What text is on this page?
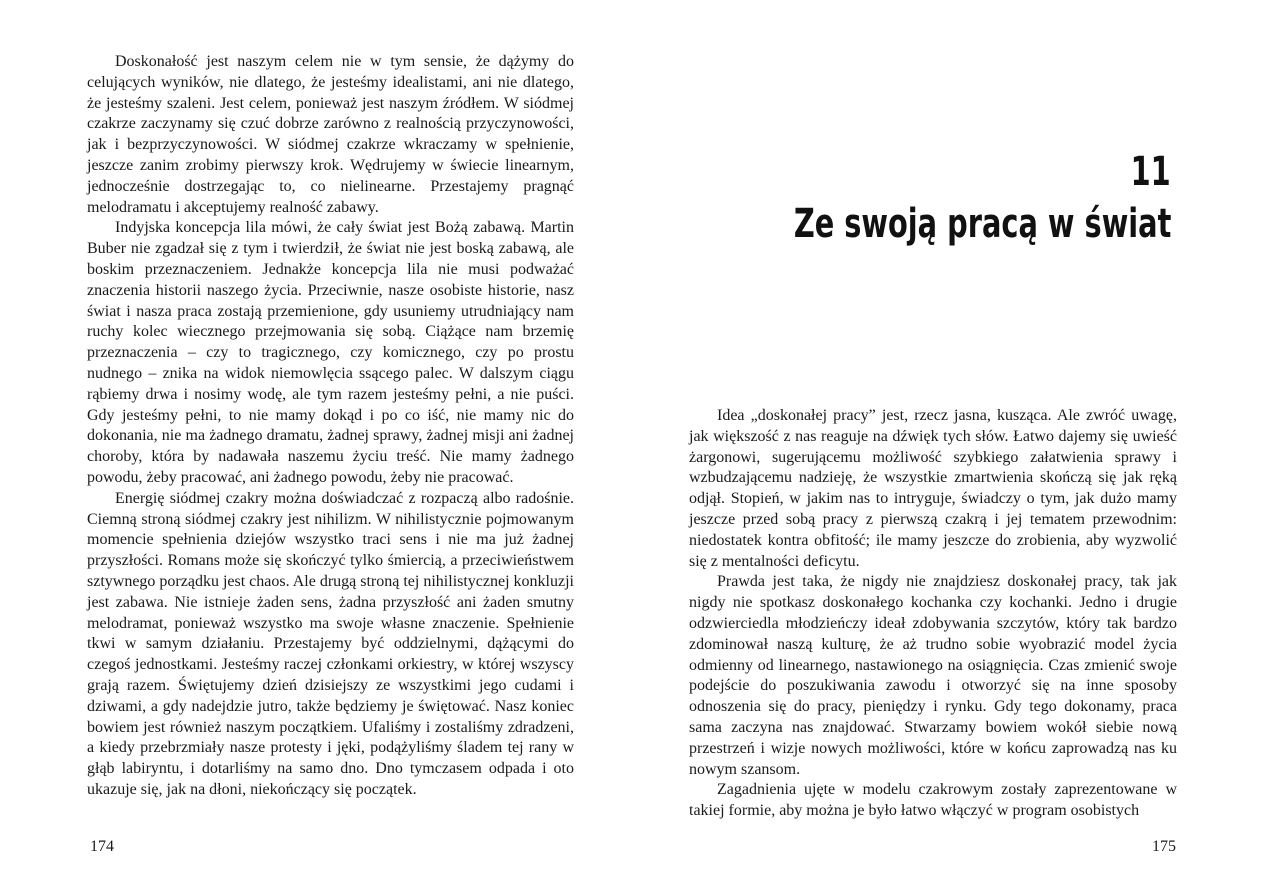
Doskonałość jest naszym celem nie w tym sensie, że dążymy do celujących wyników, nie dlatego, że jesteśmy idealistami, ani nie dlatego, że jesteśmy szaleni. Jest celem, ponieważ jest naszym źródłem. W siódmej czakrze zaczynamy się czuć dobrze zarówno z realnością przyczynowości, jak i bezprzyczynowości. W siódmej czakrze wkraczamy w spełnienie, jeszcze zanim zrobimy pierwszy krok. Wędrujemy w świecie linearnym, jednocześnie dostrzegając to, co nielinearne. Przestajemy pragnąć melodramatu i akceptujemy realność zabawy.

Indyjska koncepcja lila mówi, że cały świat jest Bożą zabawą. Martin Buber nie zgadzał się z tym i twierdził, że świat nie jest boską zabawą, ale boskim przeznaczeniem. Jednakże koncepcja lila nie musi podważać znaczenia historii naszego życia. Przeciwnie, nasze osobiste historie, nasz świat i nasza praca zostają przemienione, gdy usuniemy utrudniający nam ruchy kolec wiecznego przejmowania się sobą. Ciążące nam brzemię przeznaczenia – czy to tragicznego, czy komicznego, czy po prostu nudnego – znika na widok niemowlęcia ssącego palec. W dalszym ciągu rąbiemy drwa i nosimy wodę, ale tym razem jesteśmy pełni, a nie puści. Gdy jesteśmy pełni, to nie mamy dokąd i po co iść, nie mamy nic do dokonania, nie ma żadnego dramatu, żadnej sprawy, żadnej misji ani żadnej choroby, która by nadawała naszemu życiu treść. Nie mamy żadnego powodu, żeby pracować, ani żadnego powodu, żeby nie pracować.

Energię siódmej czakry można doświadczać z rozpaczą albo radośnie. Ciemną stroną siódmej czakry jest nihilizm. W nihilistycznie pojmowanym momencie spełnienia dziejów wszystko traci sens i nie ma już żadnej przyszłości. Romans może się skończyć tylko śmiercią, a przeciwieństwem sztywnego porządku jest chaos. Ale drugą stroną tej nihilistycznej konkluzji jest zabawa. Nie istnieje żaden sens, żadna przyszłość ani żaden smutny melodramat, ponieważ wszystko ma swoje własne znaczenie. Spełnienie tkwi w samym działaniu. Przestajemy być oddzielnymi, dążącymi do czegoś jednostkami. Jesteśmy raczej członkami orkiestry, w której wszyscy grają razem. Świętujemy dzień dzisiejszy ze wszystkimi jego cudami i dziwami, a gdy nadejdzie jutro, także będziemy je świętować. Nasz koniec bowiem jest również naszym początkiem. Ufaliśmy i zostaliśmy zdradzeni, a kiedy przebrzmiały nasze protesty i jęki, podążyliśmy śladem tej rany w głąb labiryntu, i dotarliśmy na samo dno. Dno tymczasem odpada i oto ukazuje się, jak na dłoni, niekończący się początek.

174
11
Ze swoją pracą w świat

Idea „doskonałej pracy” jest, rzecz jasna, kusząca. Ale zwróć uwagę, jak większość z nas reaguje na dźwięk tych słów. Łatwo dajemy się uwieść żargonowi, sugerującemu możliwość szybkiego załatwienia sprawy i wzbudzającemu nadzieję, że wszystkie zmartwienia skończą się jak ręką odjął. Stopień, w jakim nas to intryguje, świadczy o tym, jak dużo mamy jeszcze przed sobą pracy z pierwszą czakrą i jej tematem przewodnim: niedostatek kontra obfitość; ile mamy jeszcze do zrobienia, aby wyzwolić się z mentalności deficytu.

Prawda jest taka, że nigdy nie znajdziesz doskonałej pracy, tak jak nigdy nie spotkasz doskonałego kochanka czy kochanki. Jedno i drugie odzwierciedla młodzieńczy ideał zdobywania szczytów, który tak bardzo zdominował naszą kulturę, że aż trudno sobie wyobrazić model życia odmienny od linearnego, nastawionego na osiągnięcia. Czas zmienić swoje podejście do poszukiwania zawodu i otworzyć się na inne sposoby odnoszenia się do pracy, pieniędzy i rynku. Gdy tego dokonamy, praca sama zaczyna nas znajdować. Stwarzamy bowiem wokół siebie nową przestrzeń i wizje nowych możliwości, które w końcu zaprowadzą nas ku nowym szansom.

Zagadnienia ujęte w modelu czakrowym zostały zaprezentowane w takiej formie, aby można je było łatwo włączyć w program osobistych

175
